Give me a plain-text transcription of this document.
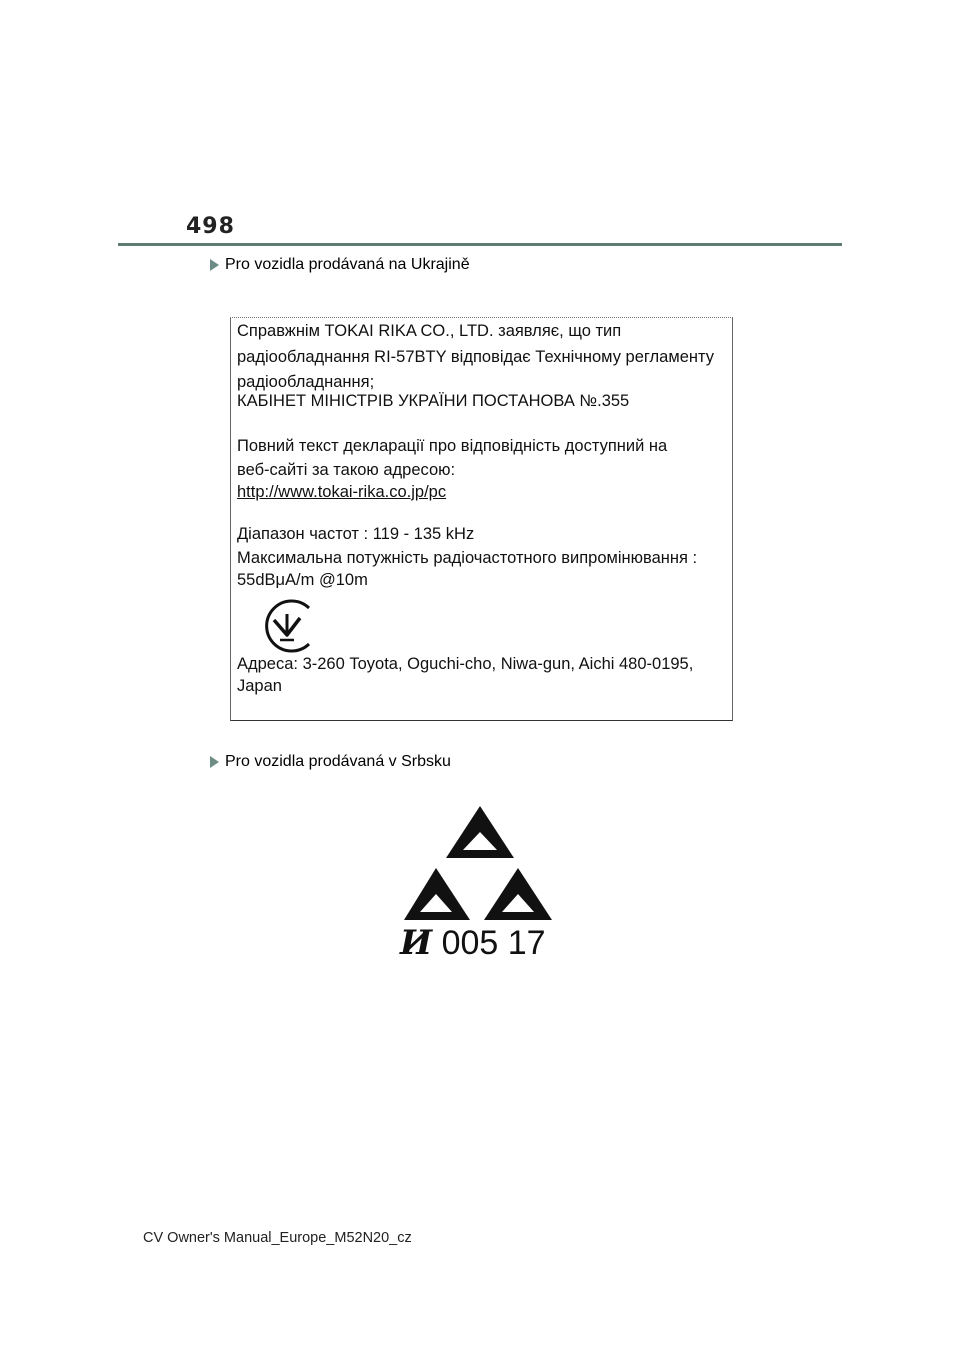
498
Pro vozidla prodávaná na Ukrajině
Справжнім TOKAI RIKA CO., LTD. заявляє, що тип
радіообладнання RI-57BTY відповідає Технічному регламенту
радіообладнання;
КАБІНЕТ МІНІСТРІВ УКРАЇНИ ПОСТАНОВА №.355
Повний текст декларації про відповідність доступний на
веб-сайті за такою адресою:
http://www.tokai-rika.co.jp/pc
Діапазон частот : 119 - 135 kHz
Максимальна потужність радіочастотного випромінювання :
55dBμA/m @10m
Адреса: 3-260 Toyota, Oguchi-cho, Niwa-gun, Aichi 480-0195,
Japan
Pro vozidla prodávaná v Srbsku
И 005 17
CV Owner's Manual_Europe_M52N20_cz
